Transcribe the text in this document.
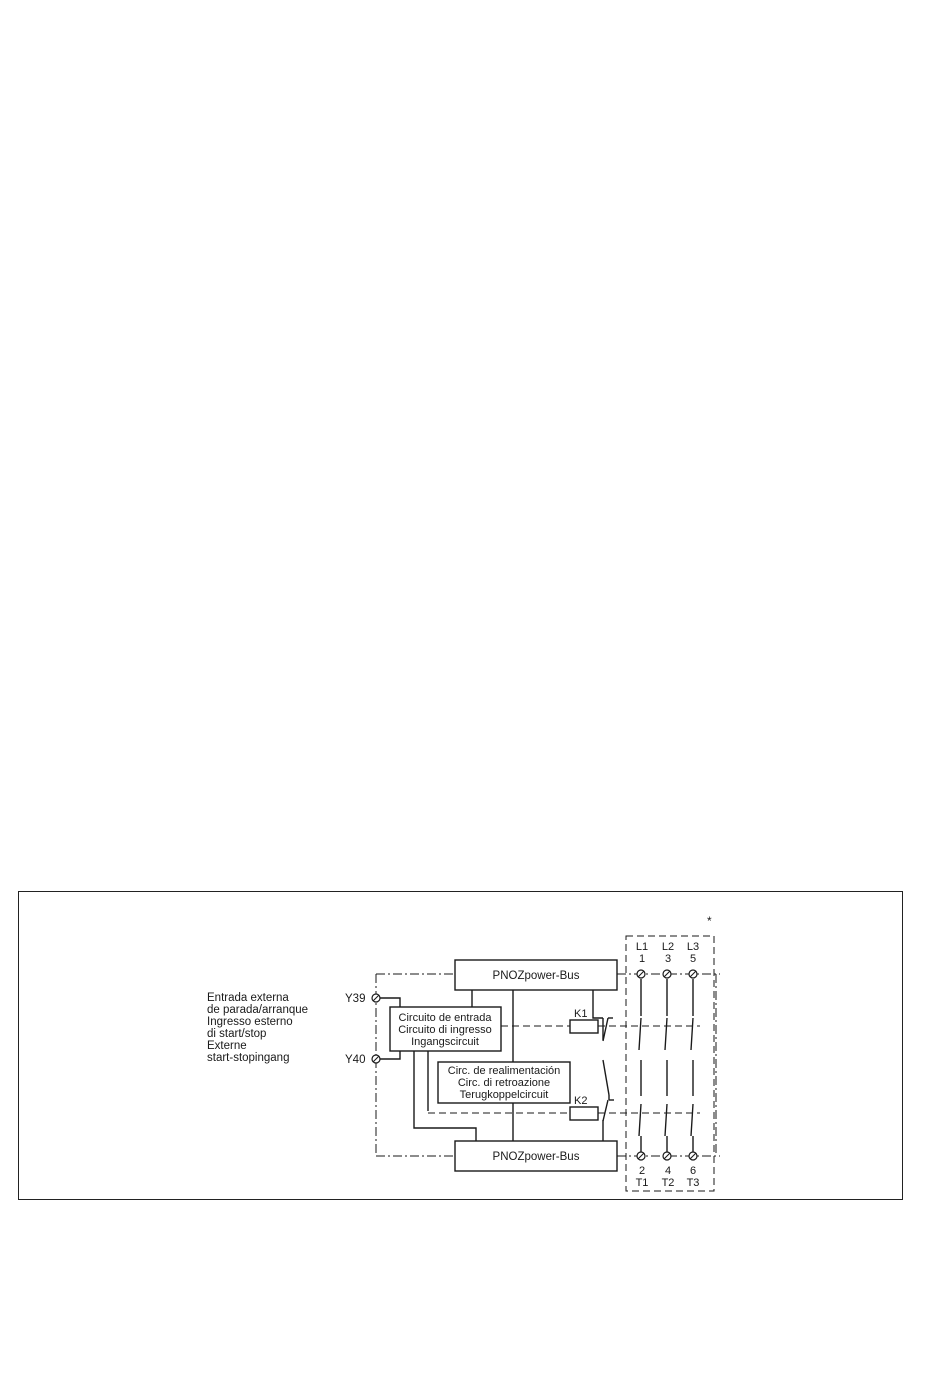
Entrada externa
de parada/arranque
Ingresso esterno
di start/stop
Externe
start-stopingang
PNOZpower-Bus
PNOZpower-Bus
Circuito de entrada
Circuito di ingresso
Ingangscircuit
Circ. de realimentación
Circ. di retroazione
Terugkoppelcircuit
K1
K2
Y39
Y40
L1
1
L2
3
L3
5
2
T1
4
T2
6
T3
*
